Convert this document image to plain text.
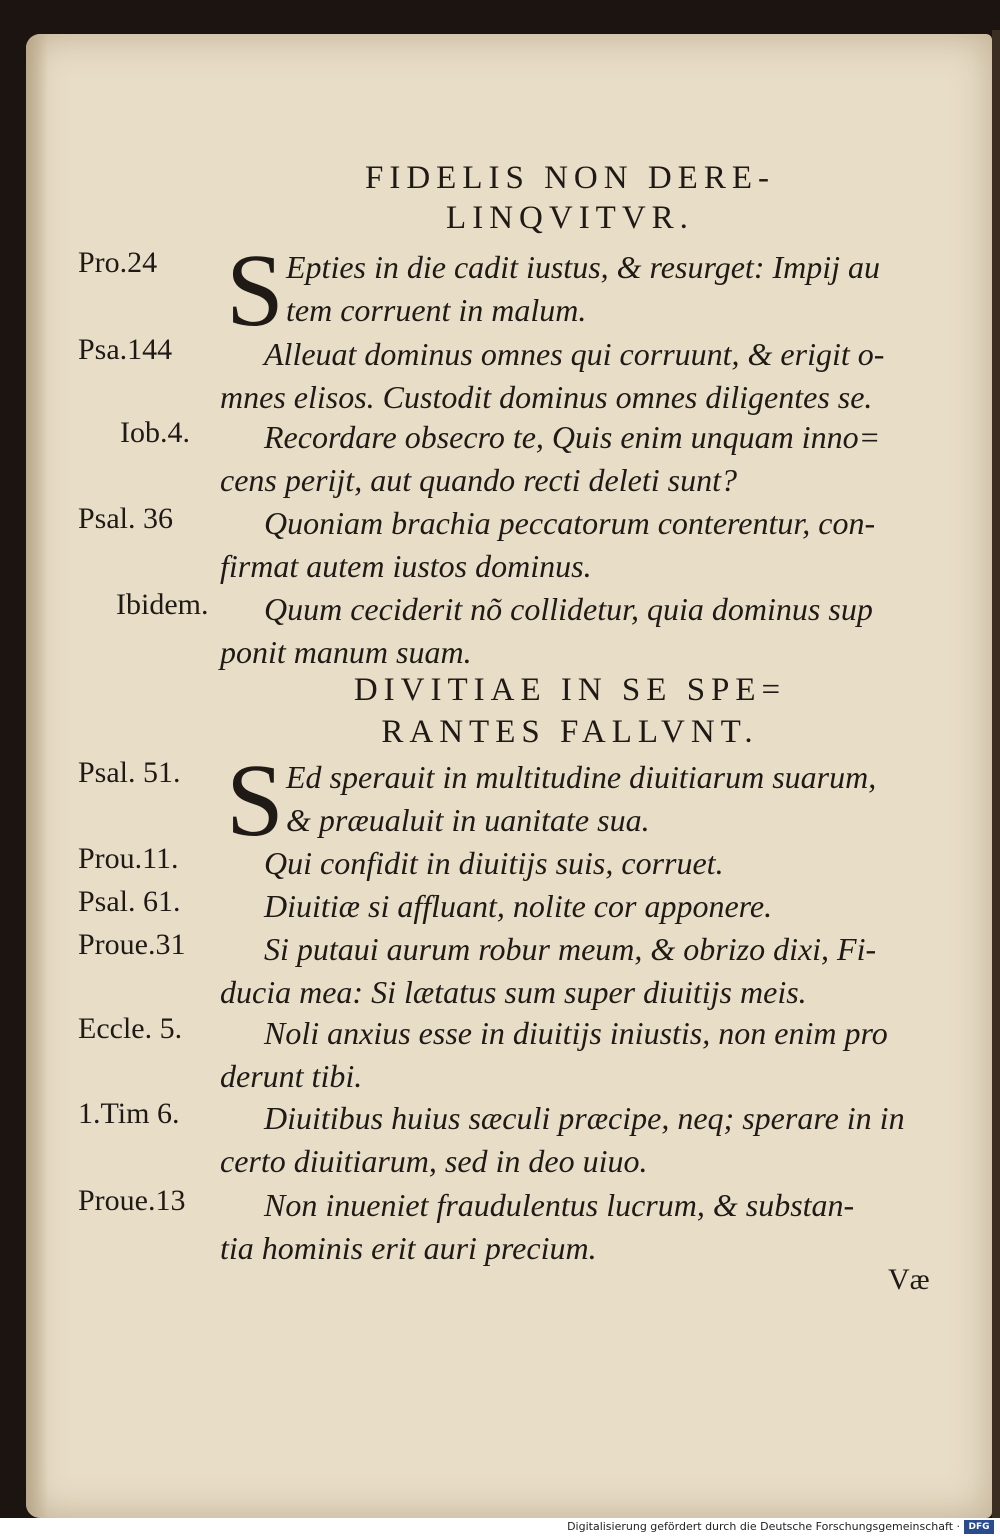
FIDELIS NON DERE-
LINQVITVR.
Pro.24 S Epties in die cadit iustus, & resurget: Impij au

tem corruent in malum.

Psa.144	Alleuat dominus omnes qui corruunt, & erigit o-

mnes elisos. Custodit dominus omnes diligentes se.

Iob.4.	Recordare obsecro te, Quis enim unquam inno=

cens perijt, aut quando recti deleti sunt?

Psal. 36	Quoniam brachia peccatorum conterentur, con-

firmat autem iustos dominus.

Ibidem.	Quum ceciderit nõ collidetur, quia dominus sup

ponit manum suam.

DIVITIAE IN SE SPE=
RANTES FALLVNT.
Psal. 51. S Ed sperauit in multitudine diuitiarum suarum,

& præualuit in uanitate sua.

Prou.11.	Qui confidit in diuitijs suis, corruet.

Psal. 61.	Diuitiæ si affluant, nolite cor apponere.

Proue.31	Si putaui aurum robur meum, & obrizo dixi, Fi-

ducia mea: Si lætatus sum super diuitijs meis.

Eccle. 5.	Noli anxius esse in diuitijs iniustis, non enim pro

derunt tibi.

1.Tim 6.	Diuitibus huius sæculi præcipe, neq; sperare in in

certo diuitiarum, sed in deo uiuo.

Proue.13	Non inueniet fraudulentus lucrum, & substan-

tia hominis erit auri precium.

Væ
Digitalisierung gefördert durch die Deutsche Forschungsgemeinschaft · DFG
